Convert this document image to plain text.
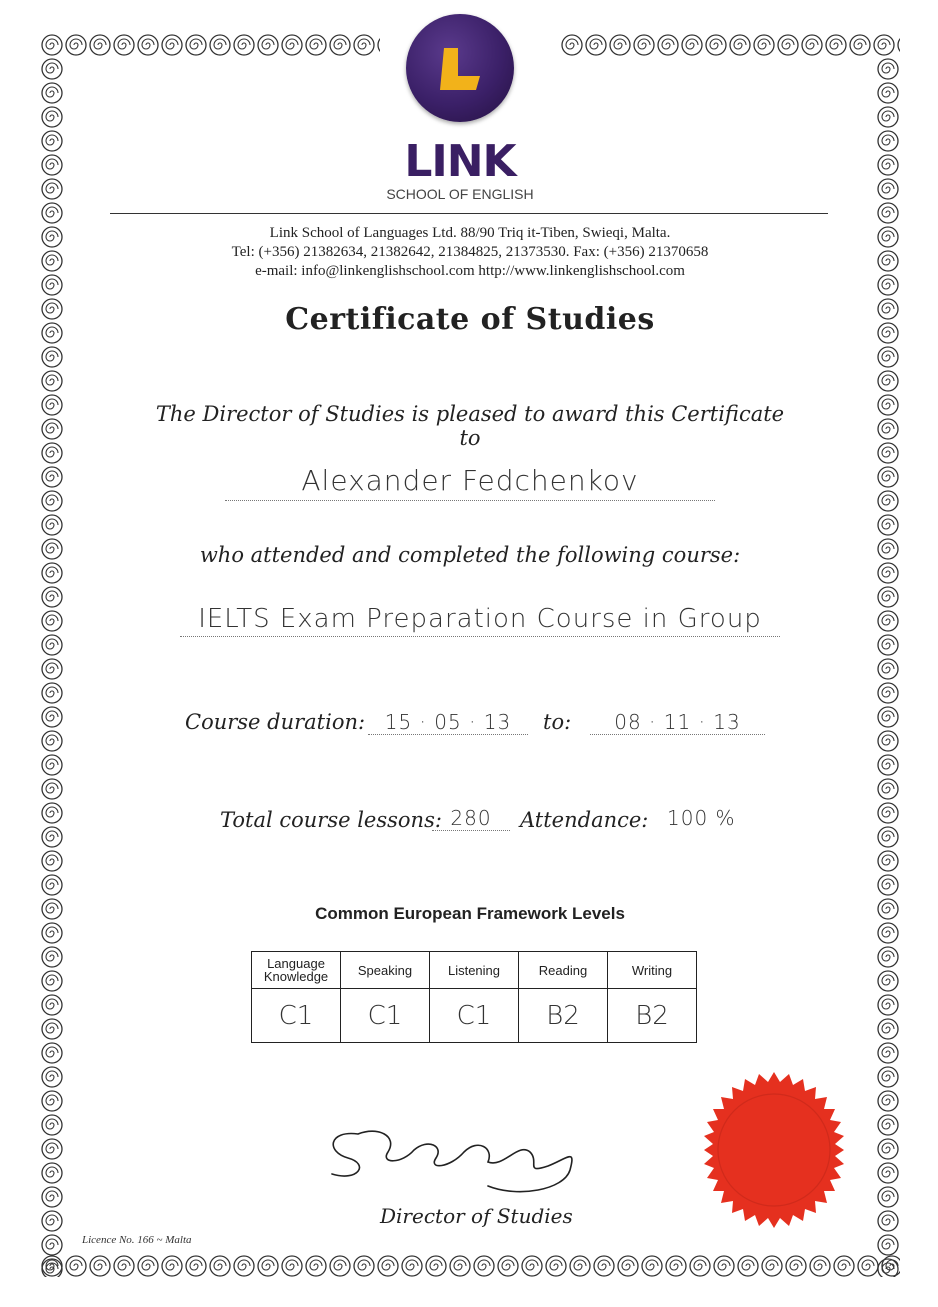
LINK
SCHOOL OF ENGLISH
Link School of Languages Ltd. 88/90 Triq it-Tiben, Swieqi, Malta.
Tel: (+356) 21382634, 21382642, 21384825, 21373530. Fax: (+356) 21370658
e-mail: info@linkenglishschool.com http://www.linkenglishschool.com
Certificate of Studies
The Director of Studies is pleased to award this Certificate to
Alexander Fedchenkov
who attended and completed the following course:
IELTS Exam Preparation Course in Group
Course duration: 15 · 05 · 13	to:	08 · 11 · 13
Total course lessons: 280	Attendance: 100 %
Common European Framework Levels
Language Knowledge	Speaking	Listening	Reading	Writing
C1	C1	C1	B2	B2
Director of Studies
Licence No. 166 ~ Malta
